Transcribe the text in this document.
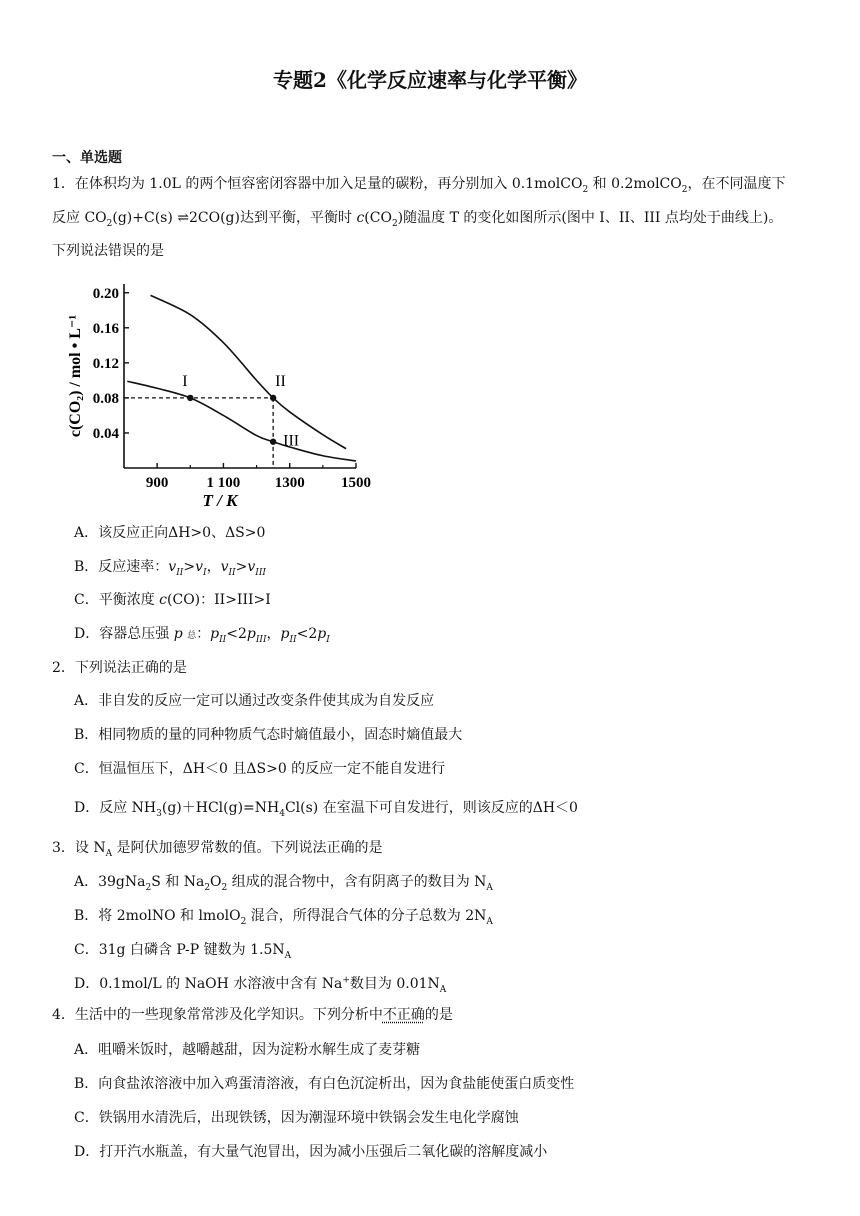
专题2《化学反应速率与化学平衡》
一、单选题
1．在体积均为 1.0L 的两个恒容密闭容器中加入足量的碳粉，再分别加入 0.1molCO$_2$ 和 0.2molCO$_2$，在不同温度下
反应 $CO_2(g)+C(s)$ ⇌2CO(g)达到平衡，平衡时 $c(CO_2)$随温度 T 的变化如图所示(图中 I、II、III 点均处于曲线上)。
下列说法错误的是
0.20
0.16
0.12
0.08
0.04
900	1 100 1300 1500
T / K
c(CO₂) / mol • L⁻¹	I	II
III
A．该反应正向ΔH>0、ΔS>0
B．反应速率：$v_{II}>v_I$，$v_{II}>v_{III}$
C．平衡浓度 c(CO)：II>III>I
D．容器总压强 p 总：$p_{II}<2p_{III}$，$p_{II}<2p_I$
2．下列说法正确的是
A．非自发的反应一定可以通过改变条件使其成为自发反应
B．相同物质的量的同种物质气态时熵值最小，固态时熵值最大
C．恒温恒压下，ΔH＜0 且ΔS>0 的反应一定不能自发进行
D．反应 $NH_3(g)+HCl(g)=NH_4Cl(s)$ 在室温下可自发进行，则该反应的ΔH＜0
3．设 $N_A$ 是阿伏加德罗常数的值。下列说法正确的是
A．39gNa$_2$S 和 $Na_2O_2$ 组成的混合物中，含有阴离子的数目为 $N_A$
B．将 2molNO 和 lmolO$_2$ 混合，所得混合气体的分子总数为 $2N_A$
C．31g 白磷含 P-P 键数为 $1.5N_A$
D．0.1mol/L 的 NaOH 水溶液中含有 Na+数目为 $0.01N_A$
4．生活中的一些现象常常涉及化学知识。下列分析中不正确的是
A．咀嚼米饭时，越嚼越甜，因为淀粉水解生成了麦芽糖
B．向食盐浓溶液中加入鸡蛋清溶液，有白色沉淀析出，因为食盐能使蛋白质变性
C．铁锅用水清洗后，出现铁锈，因为潮湿环境中铁锅会发生电化学腐蚀
D．打开汽水瓶盖，有大量气泡冒出，因为减小压强后二氧化碳的溶解度减小
